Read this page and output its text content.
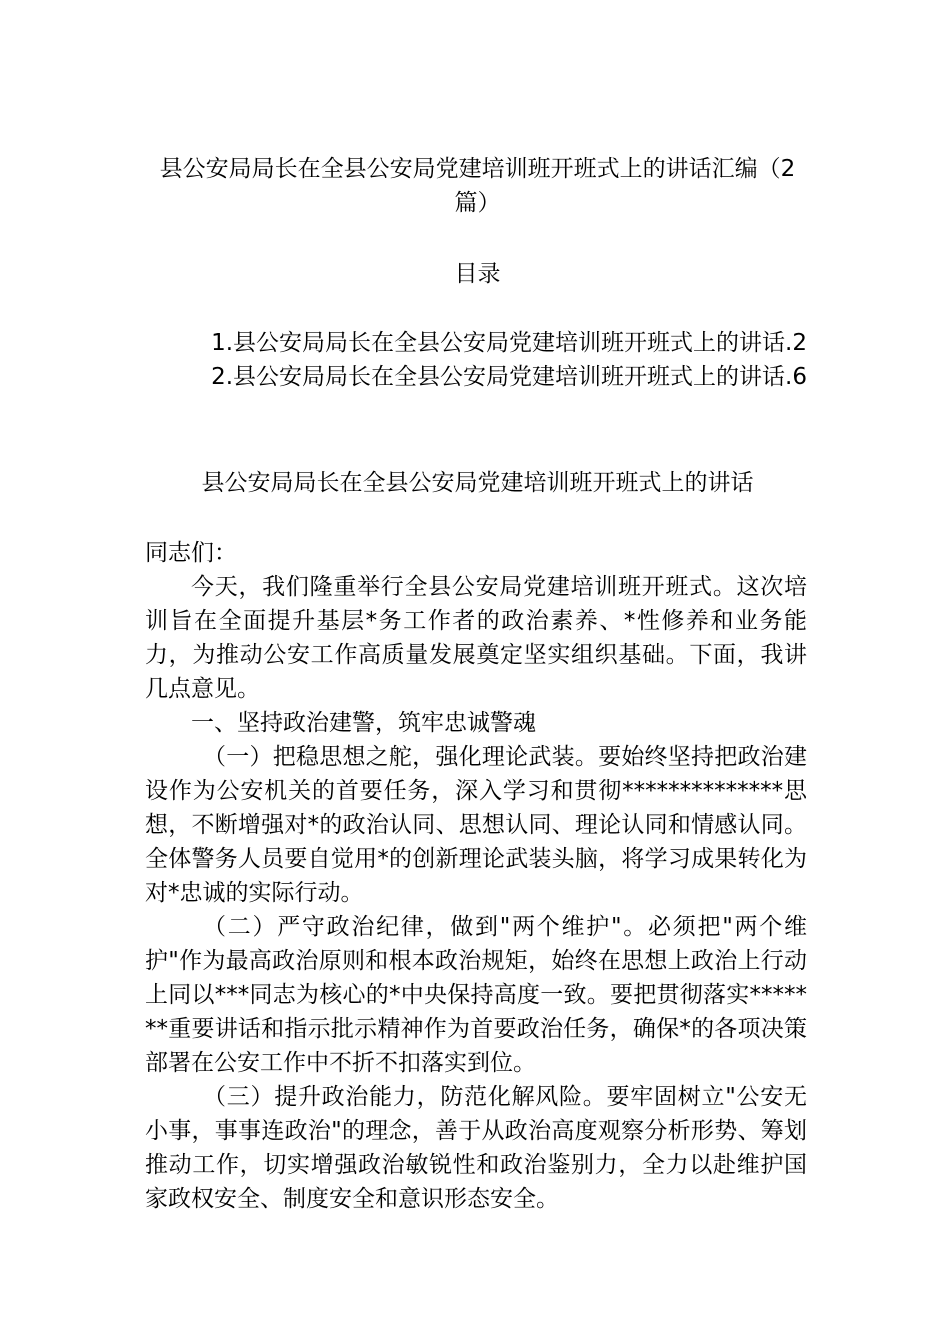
县公安局局长在全县公安局党建培训班开班式上的讲话汇编（2篇）
目录
1.县公安局局长在全县公安局党建培训班开班式上的讲话.2
2.县公安局局长在全县公安局党建培训班开班式上的讲话.6
县公安局局长在全县公安局党建培训班开班式上的讲话

同志们：

今天，我们隆重举行全县公安局党建培训班开班式。这次培训旨在全面提升基层*务工作者的政治素养、*性修养和业务能力，为推动公安工作高质量发展奠定坚实组织基础。下面，我讲几点意见。

一、坚持政治建警，筑牢忠诚警魂

（一）把稳思想之舵，强化理论武装。要始终坚持把政治建设作为公安机关的首要任务，深入学习和贯彻**************思想，不断增强对*的政治认同、思想认同、理论认同和情感认同。全体警务人员要自觉用*的创新理论武装头脑，将学习成果转化为对*忠诚的实际行动。

（二）严守政治纪律，做到"两个维护"。必须把"两个维护"作为最高政治原则和根本政治规矩，始终在思想上政治上行动上同以***同志为核心的*中央保持高度一致。要把贯彻落实*******重要讲话和指示批示精神作为首要政治任务，确保*的各项决策部署在公安工作中不折不扣落实到位。

（三）提升政治能力，防范化解风险。要牢固树立"公安无小事，事事连政治"的理念，善于从政治高度观察分析形势、筹划推动工作，切实增强政治敏锐性和政治鉴别力，全力以赴维护国家政权安全、制度安全和意识形态安全。
